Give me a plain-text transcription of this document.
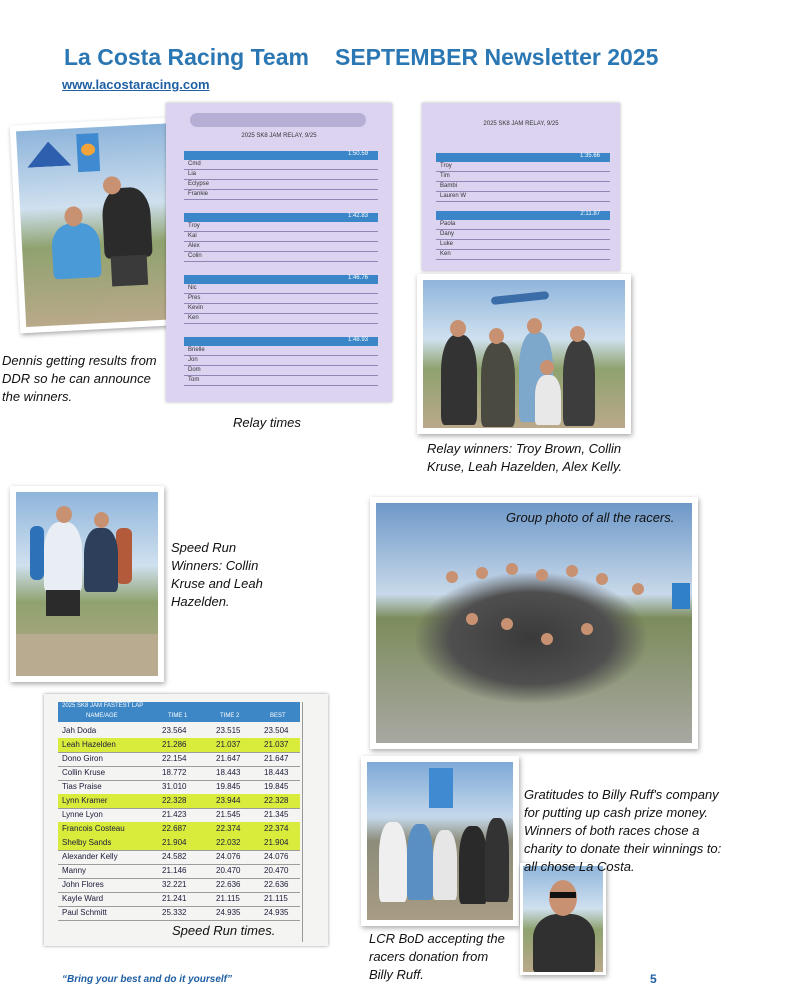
La Costa Racing Team SEPTEMBER Newsletter 2025
www.lacostaracing.com
Dennis getting results from DDR so he can announce the winners.
2025 SK8 JAM RELAY, 9/25
1:50.59
Cmd
Lia
Eclypse
Frankie
1:42.83
Troy
Kai
Alex
Colin
1:46.76
Nic
Pres
Kevin
Ken
1:48.93
Brielle
Jon
Dom
Tom
Relay times
2025 SK8 JAM RELAY, 9/25
1:35.66
Troy
Tim
Bambi
Lauren W
2:11.87
Paola
Dany
Luke
Ken
Relay winners: Troy Brown, Collin Kruse, Leah Hazelden, Alex Kelly.
Speed Run Winners: Collin Kruse and Leah Hazelden.
Group photo of all the racers.
2025 SK8 JAM FASTEST LAP
NAME/AGE	TIME 1	TIME 2	BEST
Jah Doda	23.564	23.515	23.504
Leah Hazelden	21.286	21.037	21.037
Dono Giron	22.154	21.647	21.647
Collin Kruse	18.772	18.443	18.443
Tias Praise	31.010	19.845	19.845
Lynn Kramer	22.328	23.944	22.328
Lynne Lyon	21.423	21.545	21.345
Francois Costeau	22.687	22.374	22.374
Shelby Sands	21.904	22.032	21.904
Alexander Kelly	24.582	24.076	24.076
Manny	21.146	20.470	20.470
John Flores	32.221	22.636	22.636
Kayle Ward	21.241	21.115	21.115
Paul Schmitt	25.332	24.935	24.935
Speed Run times.
LCR BoD accepting the racers donation from Billy Ruff.
Gratitudes to Billy Ruff's company for putting up cash prize money. Winners of both races chose a charity to donate their winnings to: all chose La Costa.
“Bring your best and do it yourself”	5
